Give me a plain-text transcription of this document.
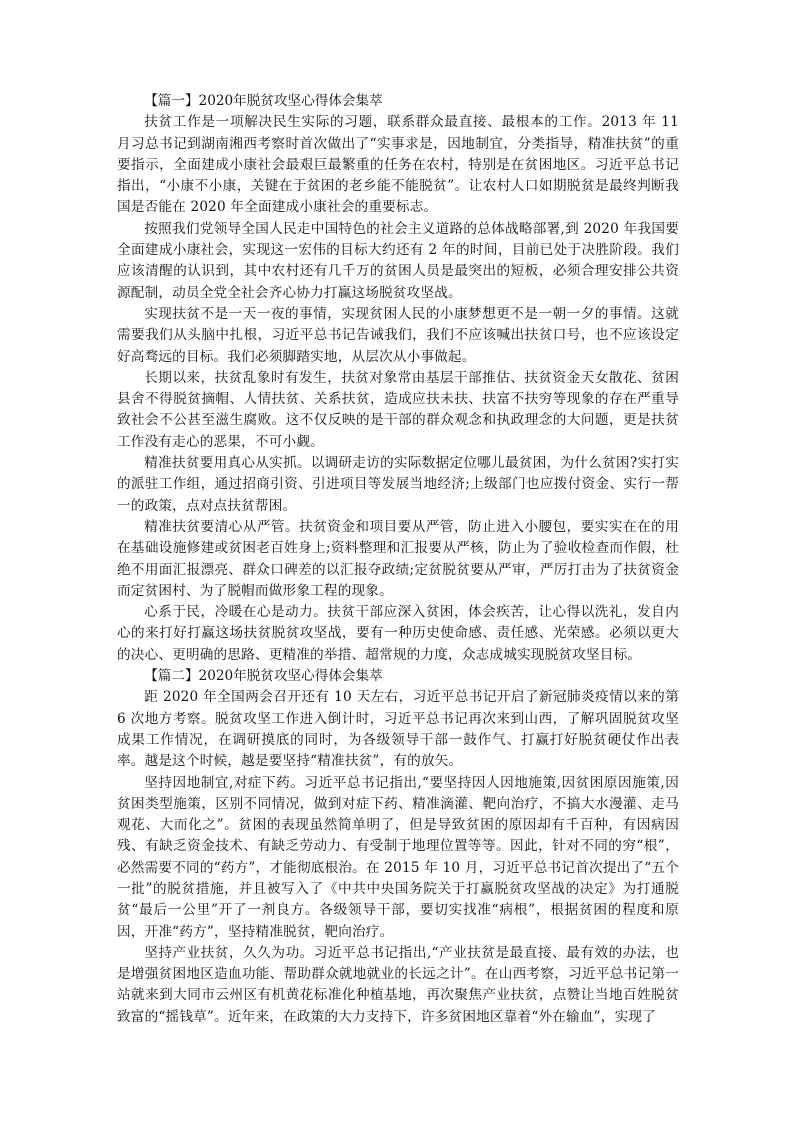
【篇一】2020年脱贫攻坚心得体会集萃

扶贫工作是一项解决民生实际的习题，联系群众最直接、最根本的工作。2013 年 11 月习总书记到湖南湘西考察时首次做出了“实事求是，因地制宜，分类指导，精准扶贫”的重要指示，全面建成小康社会最艰巨最繁重的任务在农村，特别是在贫困地区。习近平总书记指出，“小康不小康，关键在于贫困的老乡能不能脱贫”。让农村人口如期脱贫是最终判断我国是否能在 2020 年全面建成小康社会的重要标志。

按照我们党领导全国人民走中国特色的社会主义道路的总体战略部署,到 2020 年我国要全面建成小康社会，实现这一宏伟的目标大约还有 2 年的时间，目前已处于决胜阶段。我们应该清醒的认识到，其中农村还有几千万的贫困人员是最突出的短板，必须合理安排公共资源配制，动员全党全社会齐心协力打赢这场脱贫攻坚战。

实现扶贫不是一天一夜的事情，实现贫困人民的小康梦想更不是一朝一夕的事情。这就需要我们从头脑中扎根，习近平总书记告诫我们，我们不应该喊出扶贫口号，也不应该设定好高骛远的目标。我们必须脚踏实地，从层次从小事做起。

长期以来，扶贫乱象时有发生，扶贫对象常由基层干部推估、扶贫资金天女散花、贫困县舍不得脱贫摘帽、人情扶贫、关系扶贫，造成应扶未扶、扶富不扶穷等现象的存在严重导致社会不公甚至滋生腐败。这不仅反映的是干部的群众观念和执政理念的大问题，更是扶贫工作没有走心的恶果，不可小觑。

精准扶贫要用真心从实抓。以调研走访的实际数据定位哪儿最贫困，为什么贫困?实打实的派驻工作组，通过招商引资、引进项目等发展当地经济;上级部门也应拨付资金、实行一帮一的政策，点对点扶贫帮困。

精准扶贫要清心从严管。扶贫资金和项目要从严管，防止进入小腰包，要实实在在的用在基础设施修建或贫困老百姓身上;资料整理和汇报要从严核，防止为了验收检查而作假，杜绝不用面汇报漂亮、群众口碑差的以汇报夺政绩;定贫脱贫要从严审，严厉打击为了扶贫资金而定贫困村、为了脱帽而做形象工程的现象。

心系于民，冷暖在心是动力。扶贫干部应深入贫困，体会疾苦，让心得以洗礼，发自内心的来打好打赢这场扶贫脱贫攻坚战，要有一种历史使命感、责任感、光荣感。必须以更大的决心、更明确的思路、更精准的举措、超常规的力度，众志成城实现脱贫攻坚目标。

【篇二】2020年脱贫攻坚心得体会集萃

距 2020 年全国两会召开还有 10 天左右，习近平总书记开启了新冠肺炎疫情以来的第 6 次地方考察。脱贫攻坚工作进入倒计时，习近平总书记再次来到山西，了解巩固脱贫攻坚成果工作情况，在调研摸底的同时，为各级领导干部一鼓作气、打赢打好脱贫硬仗作出表率。越是这个时候，越是要坚持“精准扶贫”，有的放矢。

坚持因地制宜,对症下药。习近平总书记指出,“要坚持因人因地施策,因贫困原因施策,因贫困类型施策，区别不同情况，做到对症下药、精准滴灌、靶向治疗，不搞大水漫灌、走马观花、大而化之”。贫困的表现虽然简单明了，但是导致贫困的原因却有千百种，有因病因残、有缺乏资金技术、有缺乏劳动力、有受制于地理位置等等。因此，针对不同的穷“根”，必然需要不同的“药方”，才能彻底根治。在 2015 年 10 月，习近平总书记首次提出了“五个一批”的脱贫措施，并且被写入了《中共中央国务院关于打赢脱贫攻坚战的决定》为打通脱贫“最后一公里”开了一剂良方。各级领导干部，要切实找准“病根”，根据贫困的程度和原因，开准“药方”，坚持精准脱贫，靶向治疗。

坚持产业扶贫，久久为功。习近平总书记指出,“产业扶贫是最直接、最有效的办法，也是增强贫困地区造血功能、帮助群众就地就业的长远之计”。在山西考察，习近平总书记第一站就来到大同市云州区有机黄花标准化种植基地，再次聚焦产业扶贫，点赞让当地百姓脱贫致富的“摇钱草”。近年来，在政策的大力支持下，许多贫困地区靠着“外在输血”，实现了
